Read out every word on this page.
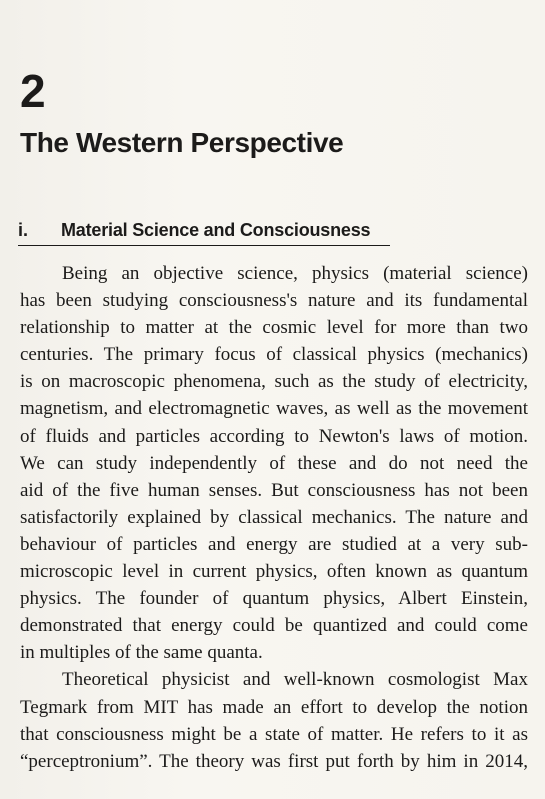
2
The Western Perspective
i. Material Science and Consciousness
Being an objective science, physics (material science)
has been studying consciousness's nature and its fundamental
relationship to matter at the cosmic level for more than two
centuries. The primary focus of classical physics (mechanics)
is on macroscopic phenomena, such as the study of electricity,
magnetism, and electromagnetic waves, as well as the movement
of fluids and particles according to Newton's laws of motion.
We can study independently of these and do not need the
aid of the five human senses. But consciousness has not been
satisfactorily explained by classical mechanics. The nature and
behaviour of particles and energy are studied at a very sub-
microscopic level in current physics, often known as quantum
physics. The founder of quantum physics, Albert Einstein,
demonstrated that energy could be quantized and could come
in multiples of the same quanta.
Theoretical physicist and well-known cosmologist Max
Tegmark from MIT has made an effort to develop the notion
that consciousness might be a state of matter. He refers to it as
“perceptronium”. The theory was first put forth by him in 2014,
